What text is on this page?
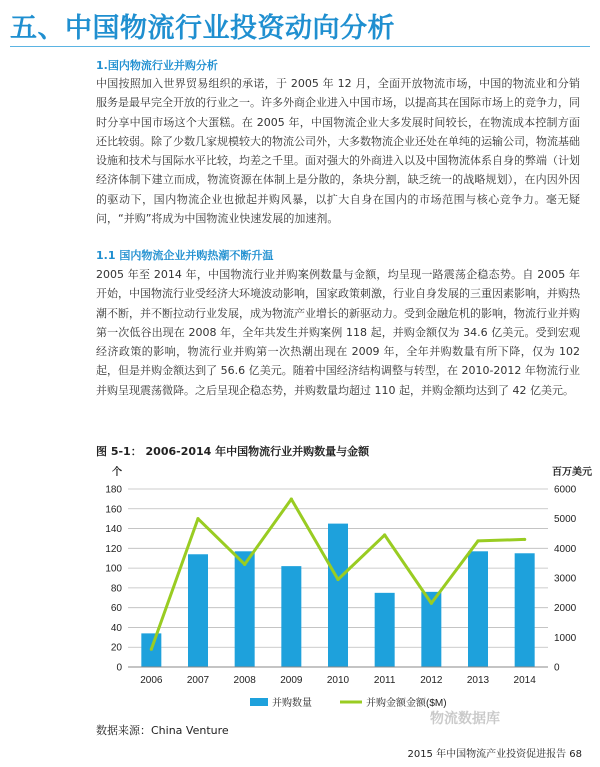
五、中国物流行业投资动向分析
1.国内物流行业并购分析

中国按照加入世界贸易组织的承诺，于 2005 年 12 月，全面开放物流市场，中国的物流业和分销服务是最早完全开放的行业之一。许多外商企业进入中国市场，以提高其在国际市场上的竞争力，同时分享中国市场这个大蛋糕。在 2005 年，中国物流企业大多发展时间较长，在物流成本控制方面还比较弱。除了少数几家规模较大的物流公司外，大多数物流企业还处在单纯的运输公司，物流基础设施和技术与国际水平比较，均差之千里。面对强大的外商进入以及中国物流体系自身的弊端（计划经济体制下建立而成，物流资源在体制上是分散的，条块分割，缺乏统一的战略规划），在内因外因的驱动下，国内物流企业也掀起并购风暴，以扩大自身在国内的市场范围与核心竞争力。毫无疑问，“并购”将成为中国物流业快速发展的加速剂。

1.1 国内物流企业并购热潮不断升温

2005 年至 2014 年，中国物流行业并购案例数量与金额，均呈现一路震荡企稳态势。自 2005 年开始，中国物流行业受经济大环境波动影响，国家政策刺激，行业自身发展的三重因素影响，并购热潮不断，并不断拉动行业发展，成为物流产业增长的新驱动力。受到金融危机的影响，物流行业并购第一次低谷出现在 2008 年，全年共发生并购案例 118 起，并购金额仅为 34.6 亿美元。受到宏观经济政策的影响，物流行业并购第一次热潮出现在 2009 年，全年并购数量有所下降，仅为 102 起，但是并购金额达到了 56.6 亿美元。随着中国经济结构调整与转型，在 2010-2012 年物流行业并购呈现震荡微降。之后呈现企稳态势，并购数量均超过 110 起，并购金额均达到了 42 亿美元。

图 5-1： 2006-2014 年中国物流行业并购数量与金额

0
20
40
60
80
100
120
140
160
180
0
1000
2000
3000
4000
5000
6000
个	百万美元
2006 2007 2008 2009 2010 2011 2012 2013 2014
并购数量	并购金额金额($M)
数据来源：China Venture
物流数据库
2015 年中国物流产业投资促进报告 68
